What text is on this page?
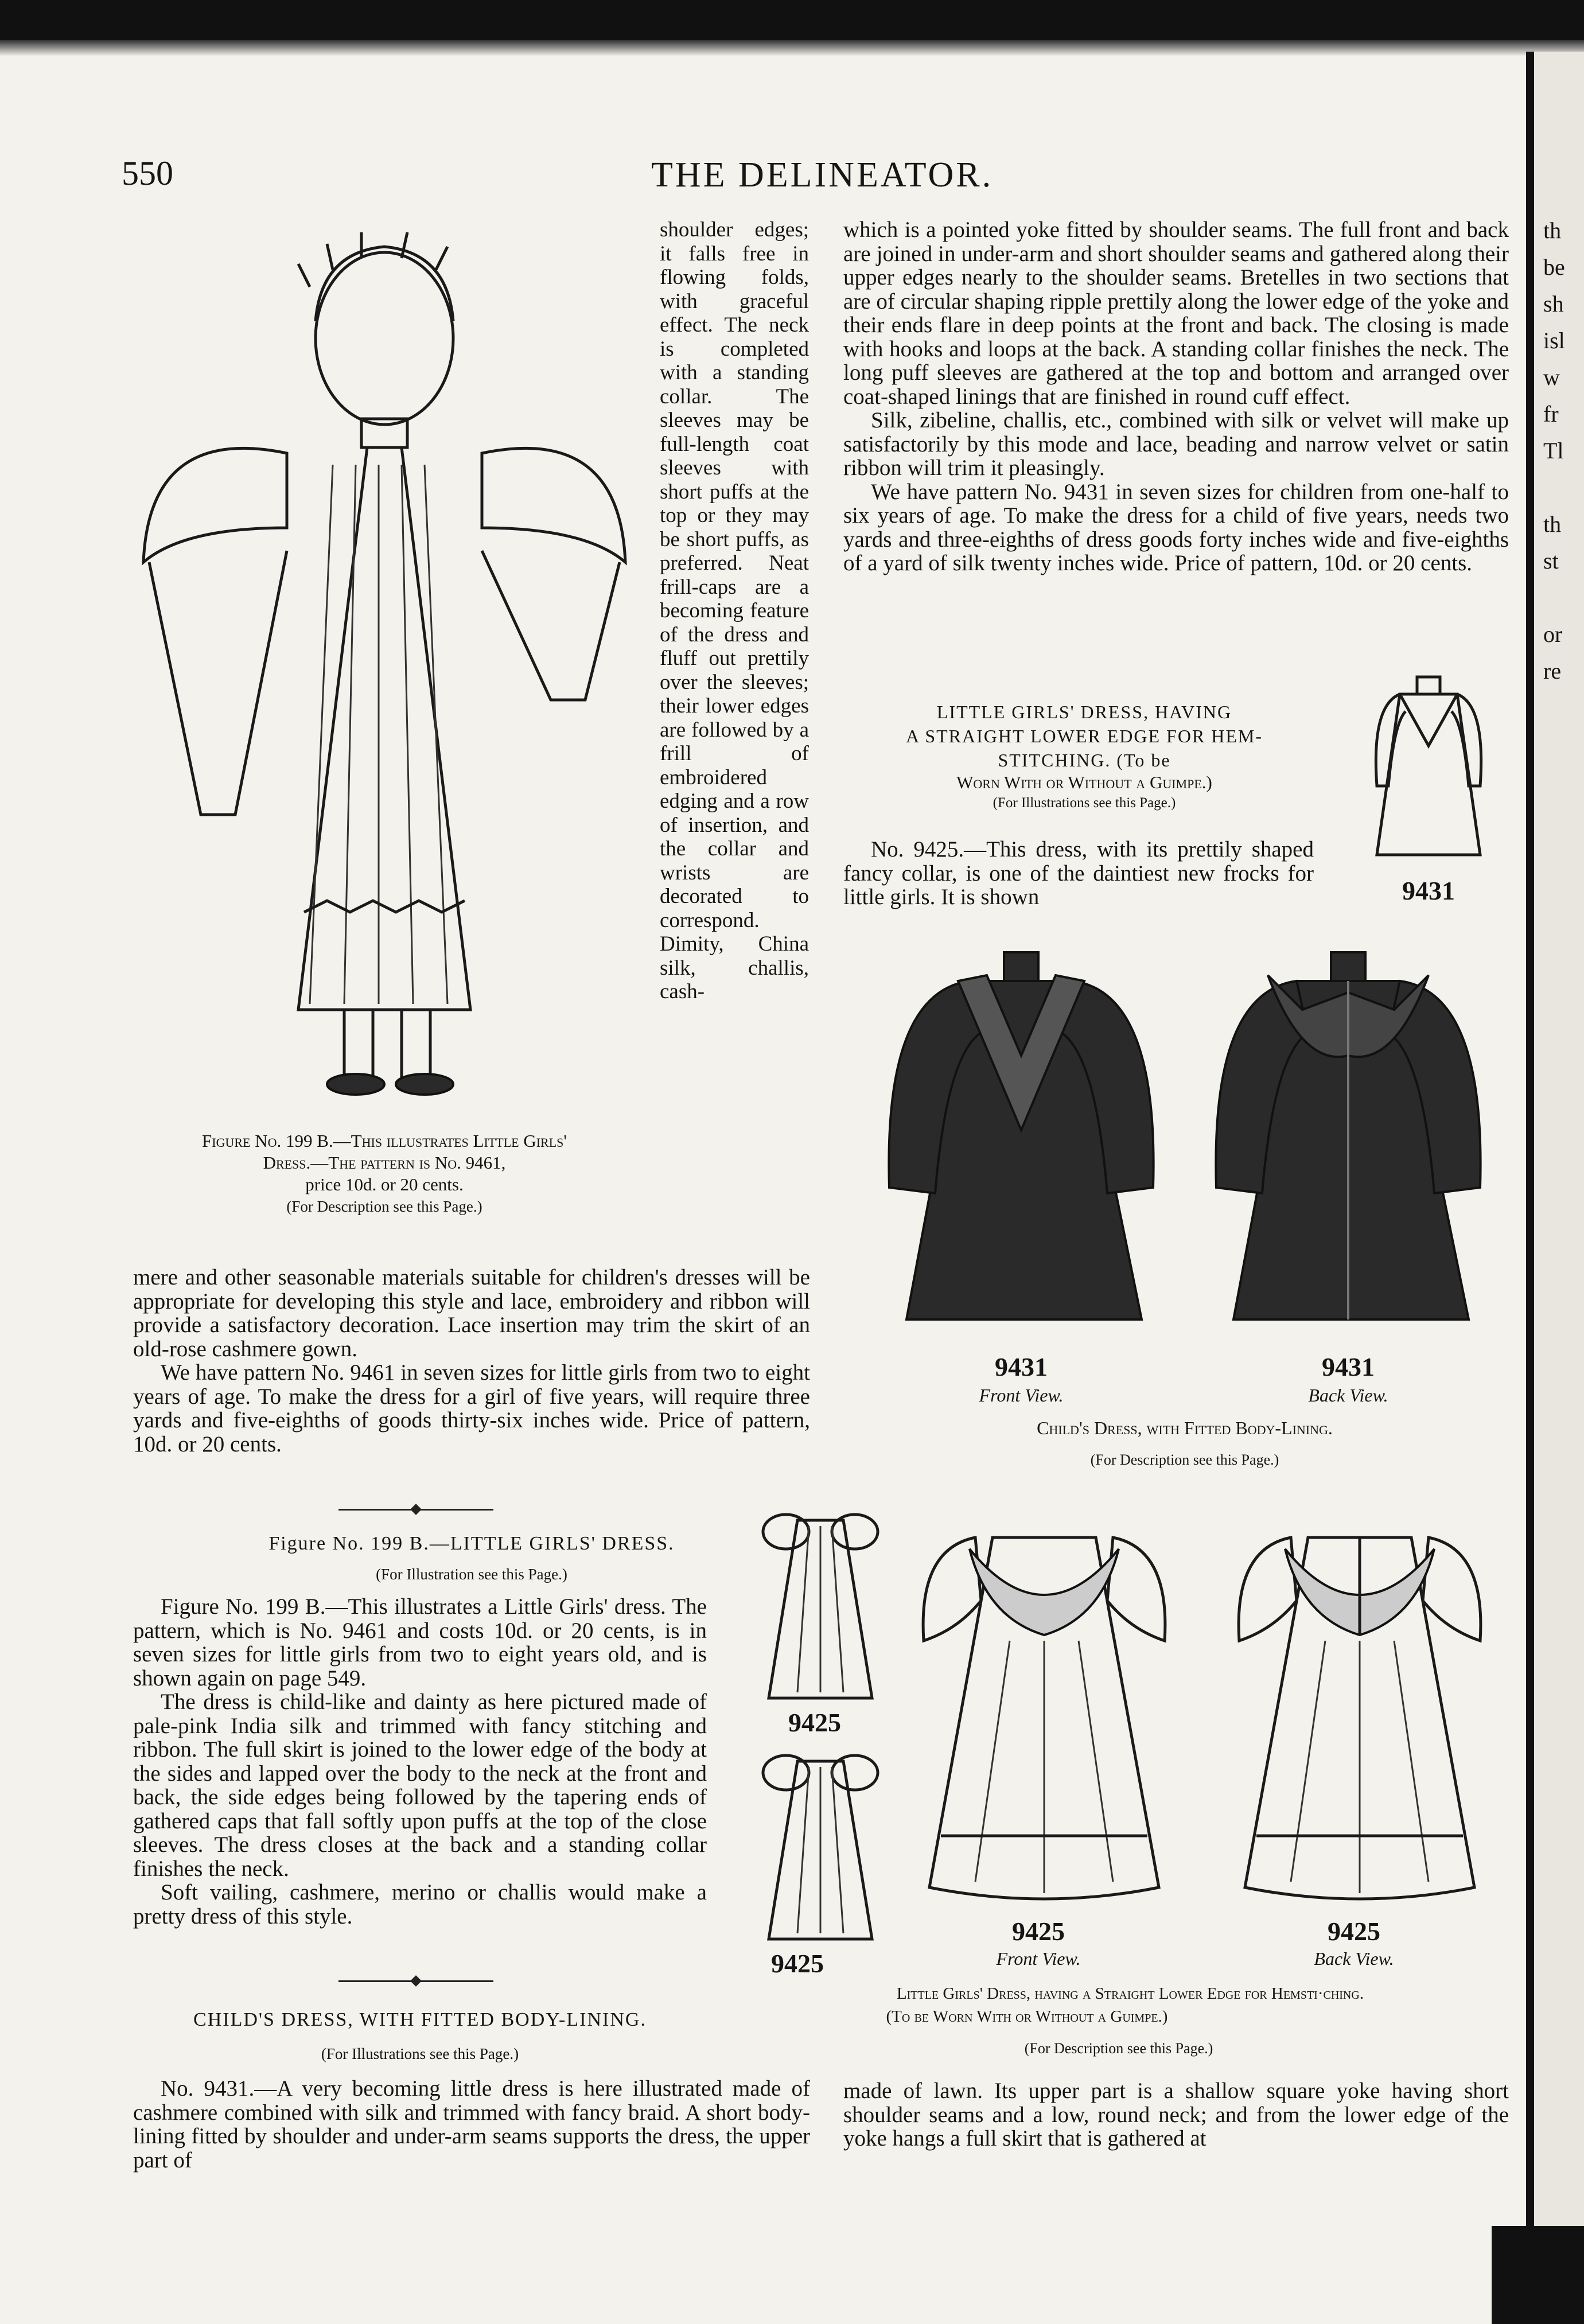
th
be
sh
isl
w
fr
Tl

th
st

or
re
550	THE DELINEATOR.
Figure No. 199 B.—This illustrates Little Girls'
Dress.—The pattern is No. 9461,
price 10d. or 20 cents.
(For Description see this Page.)

shoulder edges; it falls free in flowing folds, with graceful effect. The neck is completed with a standing collar. The sleeves may be full-length coat sleeves with short puffs at the top or they may be short puffs, as preferred. Neat frill-caps are a becoming feature of the dress and fluff out prettily over the sleeves; their lower edges are followed by a frill of embroidered edging and a row of insertion, and the collar and wrists are decorated to correspond. Dimity, China silk, challis, cash-

mere and other seasonable materials suitable for children's dresses will be appropriate for developing this style and lace, embroidery and ribbon will provide a satisfactory decoration. Lace insertion may trim the skirt of an old-rose cashmere gown.

We have pattern No. 9461 in seven sizes for little girls from two to eight years of age. To make the dress for a girl of five years, will require three yards and five-eighths of goods thirty-six inches wide. Price of pattern, 10d. or 20 cents.

Figure No. 199 B.—LITTLE GIRLS' DRESS.
(For Illustration see this Page.)

Figure No. 199 B.—This illustrates a Little Girls' dress. The pattern, which is No. 9461 and costs 10d. or 20 cents, is in seven sizes for little girls from two to eight years old, and is shown again on page 549.

The dress is child-like and dainty as here pictured made of pale-pink India silk and trimmed with fancy stitching and ribbon. The full skirt is joined to the lower edge of the body at the sides and lapped over the body to the neck at the front and back, the side edges being followed by the tapering ends of gathered caps that fall softly upon puffs at the top of the close sleeves. The dress closes at the back and a standing collar finishes the neck.

Soft vailing, cashmere, merino or challis would make a pretty dress of this style.

CHILD'S DRESS, WITH FITTED BODY-LINING.
(For Illustrations see this Page.)

No. 9431.—A very becoming little dress is here illustrated made of cashmere combined with silk and trimmed with fancy braid. A short body-lining fitted by shoulder and under-arm seams supports the dress, the upper part of

which is a pointed yoke fitted by shoulder seams. The full front and back are joined in under-arm and short shoulder seams and gathered along their upper edges nearly to the shoulder seams. Bretelles in two sections that are of circular shaping ripple prettily along the lower edge of the yoke and their ends flare in deep points at the front and back. The closing is made with hooks and loops at the back. A standing collar finishes the neck. The long puff sleeves are gathered at the top and bottom and arranged over coat-shaped linings that are finished in round cuff effect.

Silk, zibeline, challis, etc., combined with silk or velvet will make up satisfactorily by this mode and lace, beading and narrow velvet or satin ribbon will trim it pleasingly.

We have pattern No. 9431 in seven sizes for children from one-half to six years of age. To make the dress for a child of five years, needs two yards and three-eighths of dress goods forty inches wide and five-eighths of a yard of silk twenty inches wide. Price of pattern, 10d. or 20 cents.

LITTLE GIRLS' DRESS, HAVING
A STRAIGHT LOWER EDGE FOR HEM-
STITCHING. (To be
Worn With or Without a Guimpe.)
(For Illustrations see this Page.)

No. 9425.—This dress, with its prettily shaped fancy collar, is one of the daintiest new frocks for little girls. It is shown	9431
9431
Front View.
9431
Back View.
Child's Dress, with Fitted Body-Lining.
(For Description see this Page.)
9425
9425
9425
Front View.
9425
Back View.
Little Girls' Dress, having a Straight Lower Edge for Hemsti·ching.
(To be Worn With or Without a Guimpe.)
(For Description see this Page.)

made of lawn. Its upper part is a shallow square yoke having short shoulder seams and a low, round neck; and from the lower edge of the yoke hangs a full skirt that is gathered at
